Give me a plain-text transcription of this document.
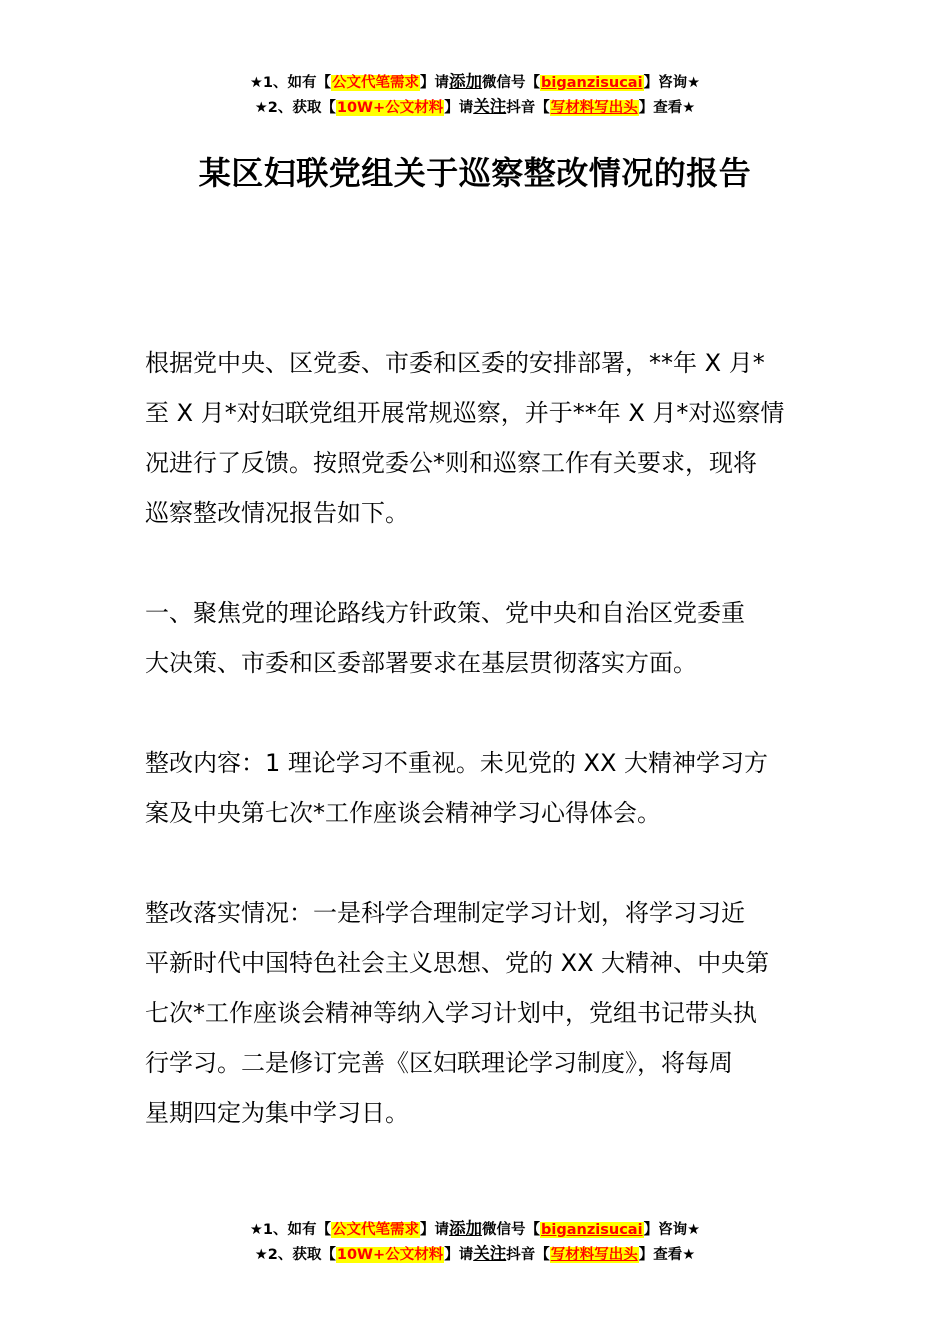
★1、如有【公文代笔需求】请添加微信号【biganzisucai】咨询★
★2、获取【10W+公文材料】请关注抖音【写材料写出头】查看★
某区妇联党组关于巡察整改情况的报告
根据党中央、区党委、市委和区委的安排部署，**年 X 月*
至 X 月*对妇联党组开展常规巡察，并于**年 X 月*对巡察情
况进行了反馈。按照党委公*则和巡察工作有关要求，现将
巡察整改情况报告如下。
一、聚焦党的理论路线方针政策、党中央和自治区党委重
大决策、市委和区委部署要求在基层贯彻落实方面。
整改内容：1 理论学习不重视。未见党的 XX 大精神学习方
案及中央第七次*工作座谈会精神学习心得体会。
整改落实情况：一是科学合理制定学习计划，将学习习近
平新时代中国特色社会主义思想、党的 XX 大精神、中央第
七次*工作座谈会精神等纳入学习计划中，党组书记带头执
行学习。二是修订完善《区妇联理论学习制度》，将每周
星期四定为集中学习日。
★1、如有【公文代笔需求】请添加微信号【biganzisucai】咨询★
★2、获取【10W+公文材料】请关注抖音【写材料写出头】查看★
